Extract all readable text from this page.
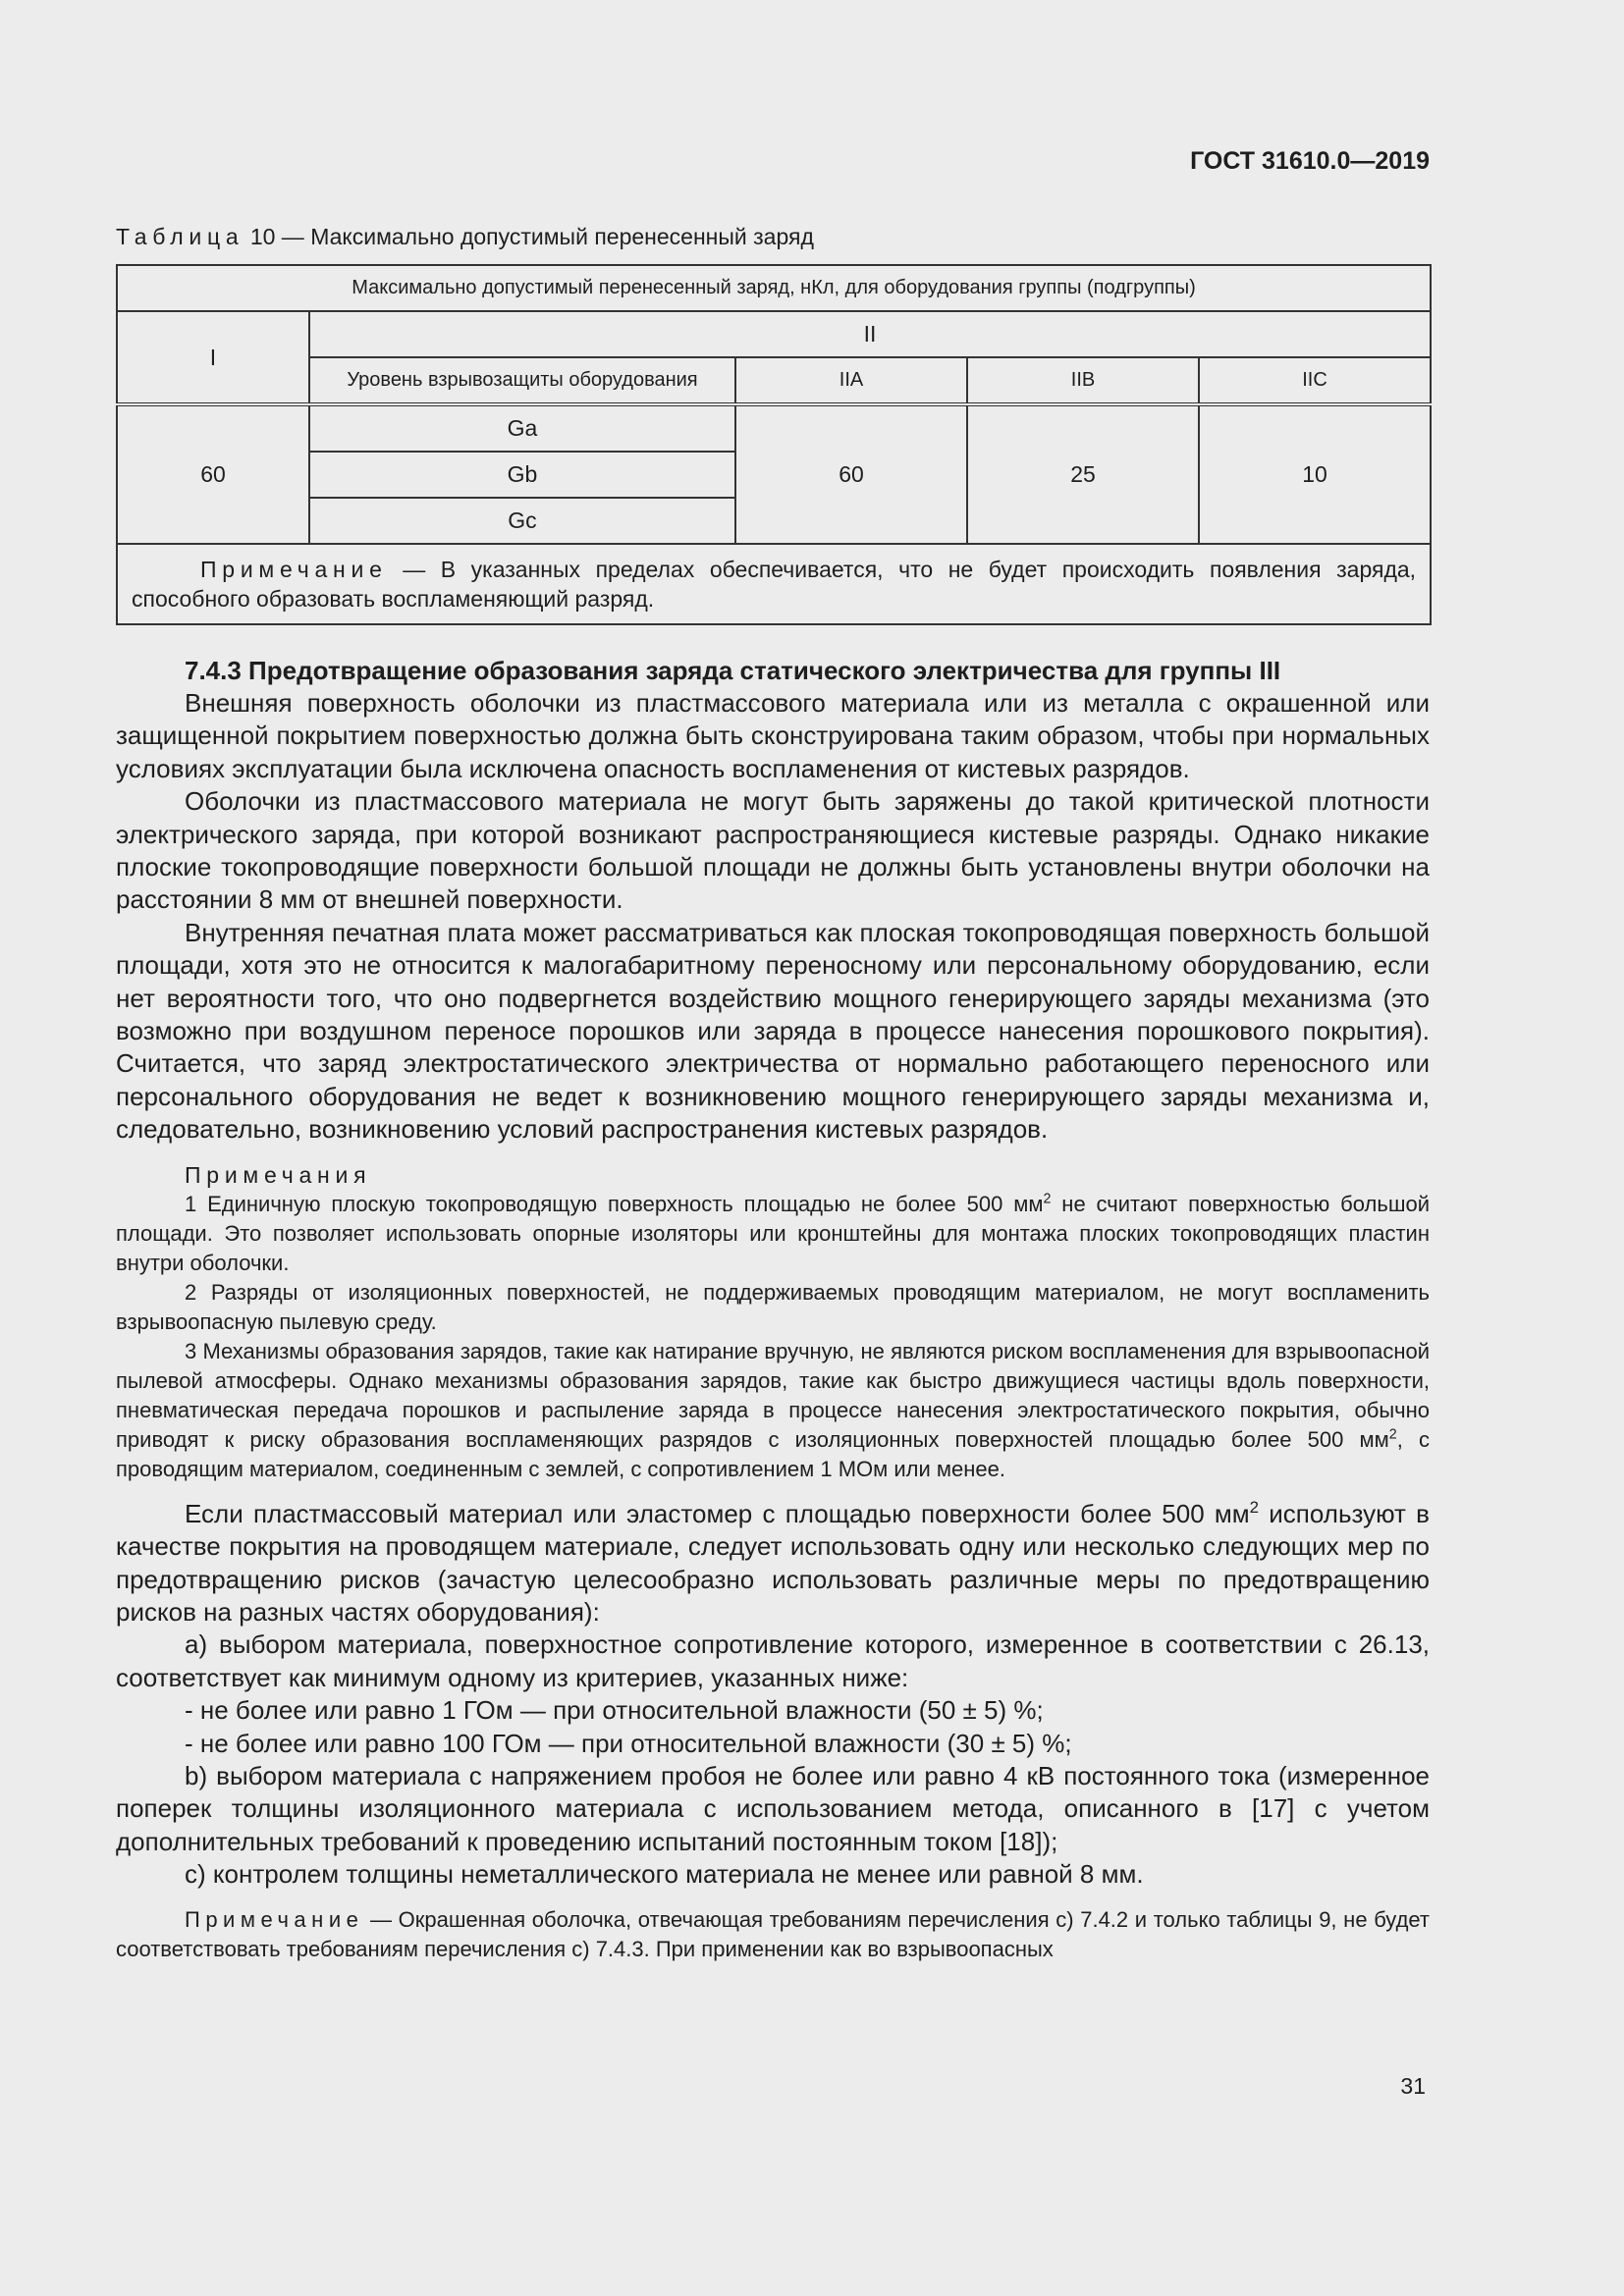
ГОСТ 31610.0—2019
Таблица 10 — Максимально допустимый перенесенный заряд
Максимально допустимый перенесенный заряд, нКл, для оборудования группы (подгруппы)				
I	II			
	Уровень взрывозащиты оборудования	IIA	IIB	IIC
60	Ga	60	25	10
	Gb			
	Gc			
Примечание — В указанных пределах обеспечивается, что не будет происходить появления заряда, способного образовать воспламеняющий разряд.				
7.4.3 Предотвращение образования заряда статического электричества для группы III

Внешняя поверхность оболочки из пластмассового материала или из металла с окрашенной или защищенной покрытием поверхностью должна быть сконструирована таким образом, чтобы при нормальных условиях эксплуатации была исключена опасность воспламенения от кистевых разрядов.

Оболочки из пластмассового материала не могут быть заряжены до такой критической плотности электрического заряда, при которой возникают распространяющиеся кистевые разряды. Однако никакие плоские токопроводящие поверхности большой площади не должны быть установлены внутри оболочки на расстоянии 8 мм от внешней поверхности.

Внутренняя печатная плата может рассматриваться как плоская токопроводящая поверхность большой площади, хотя это не относится к малогабаритному переносному или персональному оборудованию, если нет вероятности того, что оно подвергнется воздействию мощного генерирующего заряды механизма (это возможно при воздушном переносе порошков или заряда в процессе нанесения порошкового покрытия). Считается, что заряд электростатического электричества от нормально работающего переносного или персонального оборудования не ведет к возникновению мощного генерирующего заряды механизма и, следовательно, возникновению условий распространения кистевых разрядов.

Примечания

1 Единичную плоскую токопроводящую поверхность площадью не более 500 $мм^2$ не считают поверхностью большой площади. Это позволяет использовать опорные изоляторы или кронштейны для монтажа плоских токопроводящих пластин внутри оболочки.

2 Разряды от изоляционных поверхностей, не поддерживаемых проводящим материалом, не могут воспламенить взрывоопасную пылевую среду.

3 Механизмы образования зарядов, такие как натирание вручную, не являются риском воспламенения для взрывоопасной пылевой атмосферы. Однако механизмы образования зарядов, такие как быстро движущиеся частицы вдоль поверхности, пневматическая передача порошков и распыление заряда в процессе нанесения электростатического покрытия, обычно приводят к риску образования воспламеняющих разрядов с изоляционных поверхностей площадью более 500 $мм^2$, с проводящим материалом, соединенным с землей, с сопротивлением 1 МОм или менее.

Если пластмассовый материал или эластомер с площадью поверхности более 500 $мм^2$ используют в качестве покрытия на проводящем материале, следует использовать одну или несколько следующих мер по предотвращению рисков (зачастую целесообразно использовать различные меры по предотвращению рисков на разных частях оборудования):

a) выбором материала, поверхностное сопротивление которого, измеренное в соответствии с 26.13, соответствует как минимум одному из критериев, указанных ниже:

- не более или равно 1 ГОм — при относительной влажности (50 ± 5) %;

- не более или равно 100 ГОм — при относительной влажности (30 ± 5) %;

b) выбором материала с напряжением пробоя не более или равно 4 кВ постоянного тока (измеренное поперек толщины изоляционного материала с использованием метода, описанного в [17] с учетом дополнительных требований к проведению испытаний постоянным током [18]);

c) контролем толщины неметаллического материала не менее или равной 8 мм.

Примечание — Окрашенная оболочка, отвечающая требованиям перечисления c) 7.4.2 и только таблицы 9, не будет соответствовать требованиям перечисления c) 7.4.3. При применении как во взрывоопасных

31
